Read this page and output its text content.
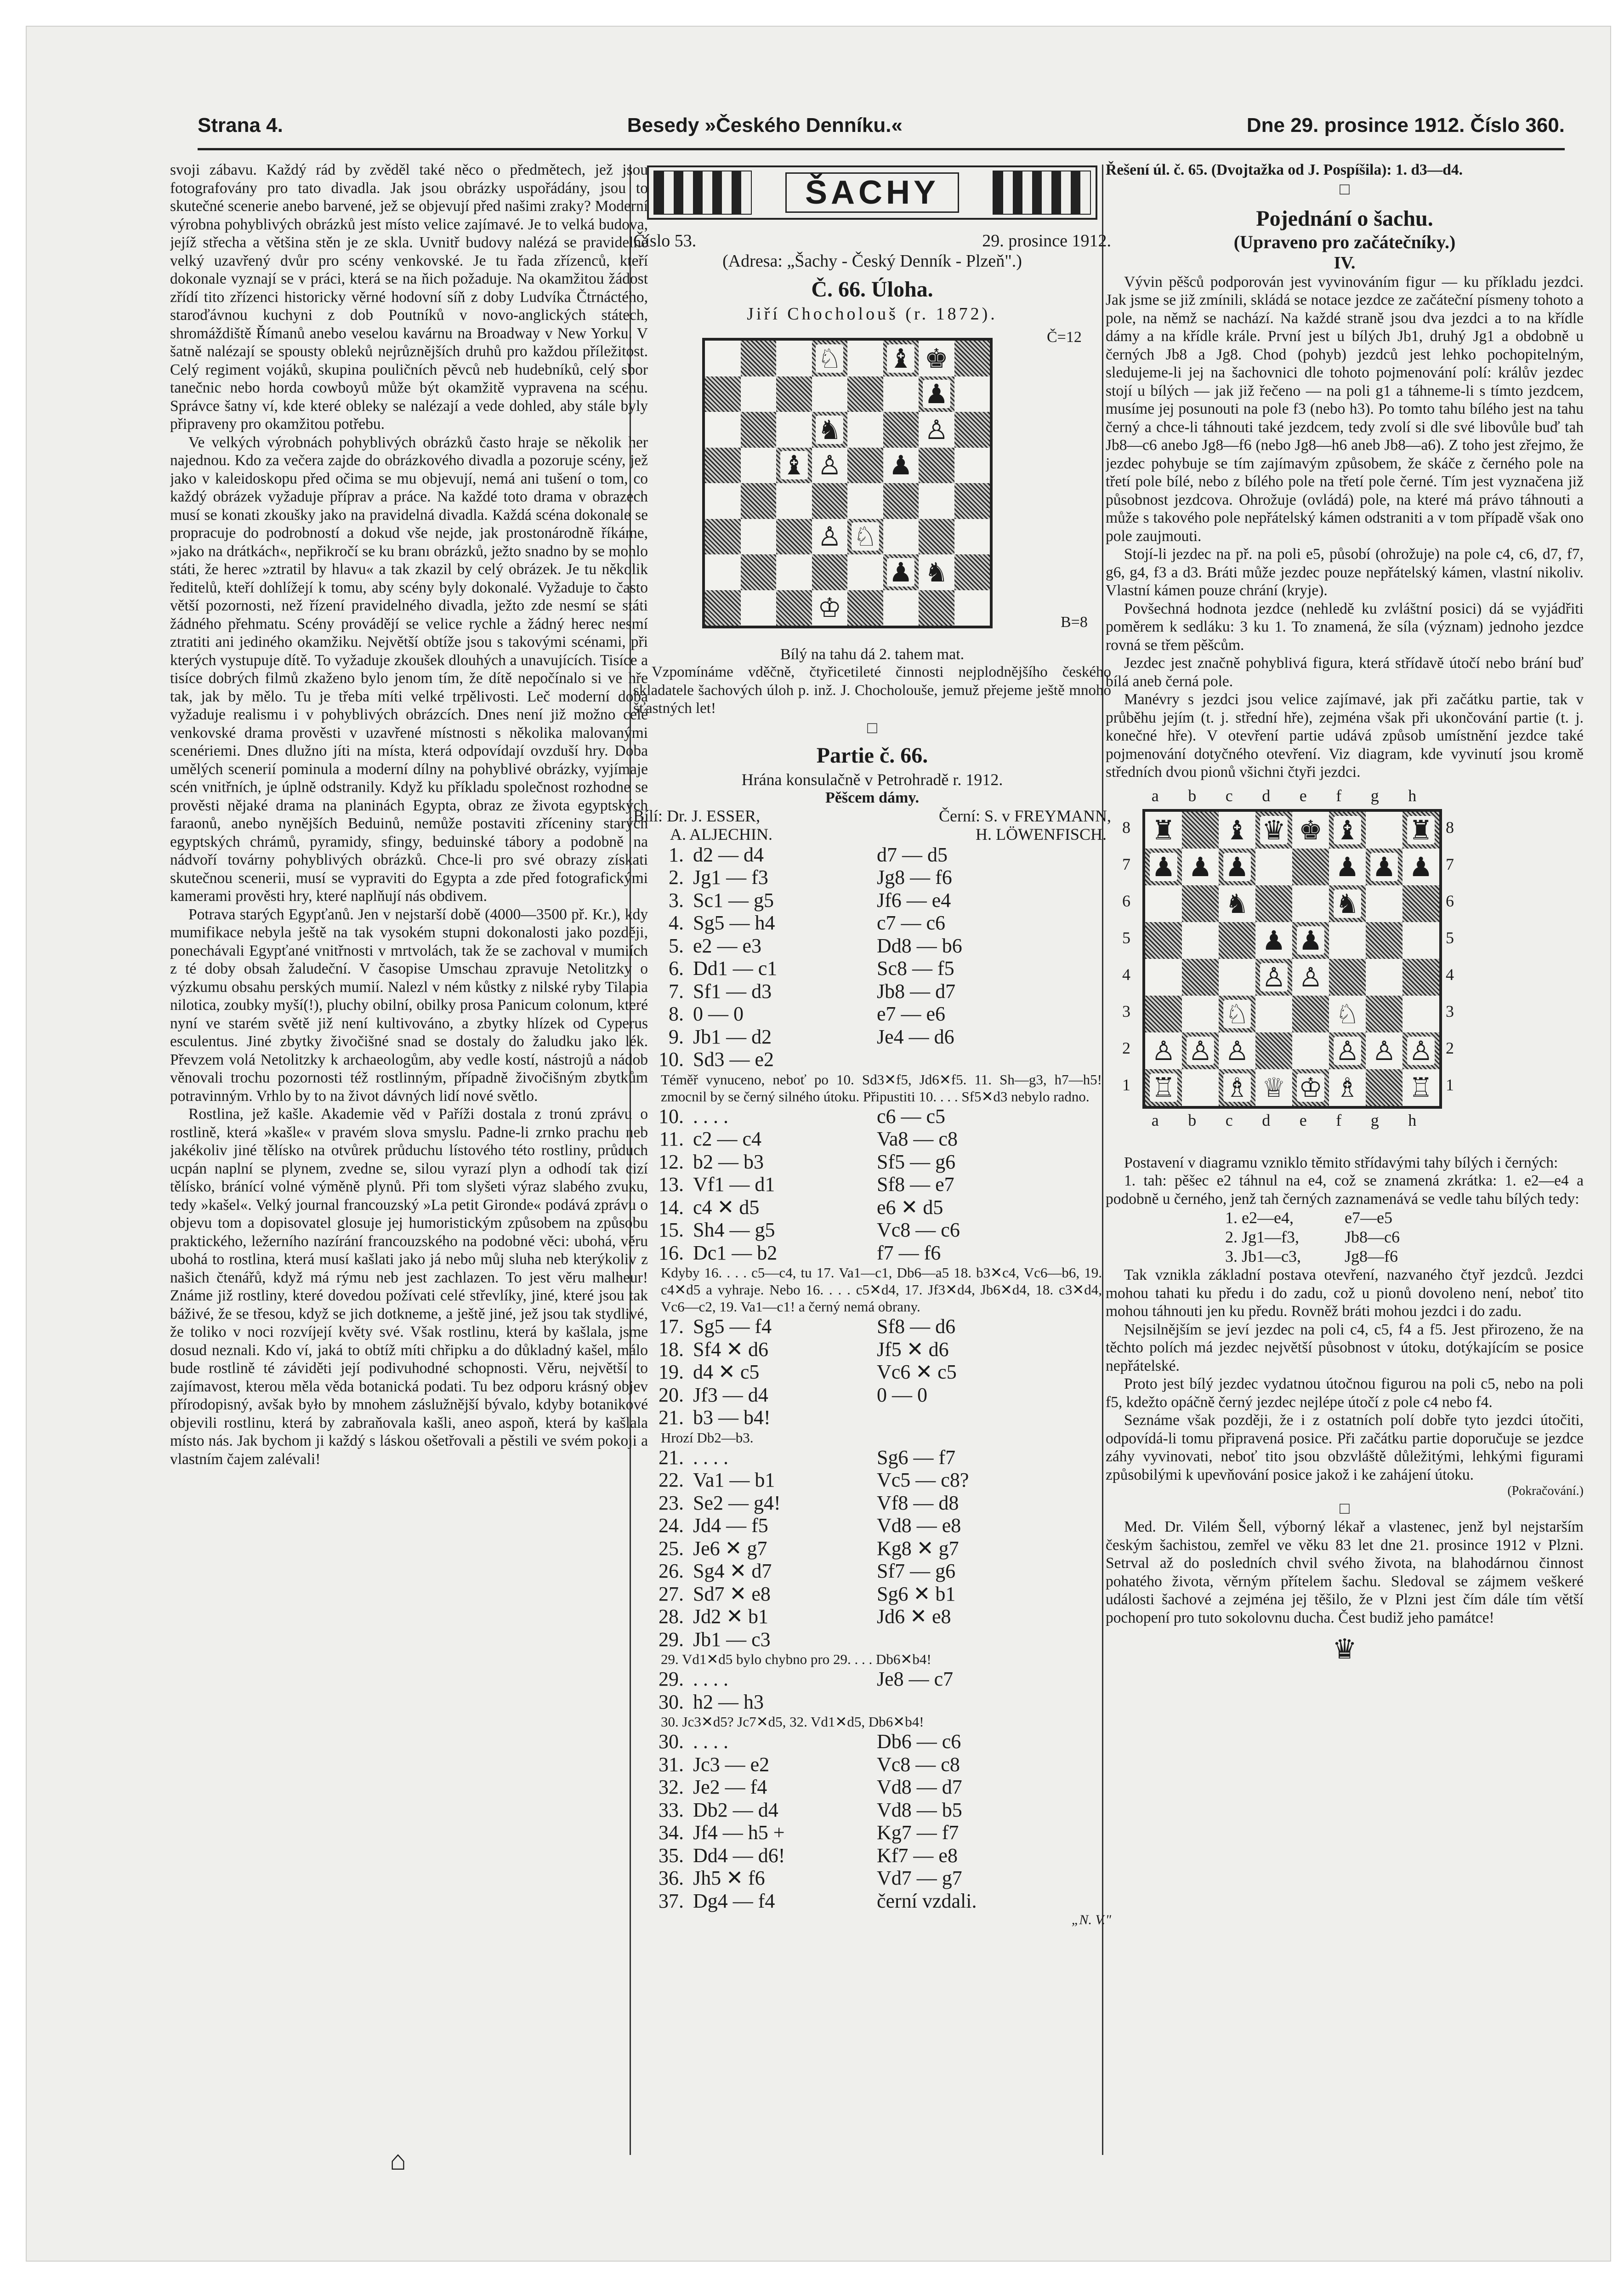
Strana 4.	Besedy »Českého Denníku.«	Dne 29. prosince 1912. Číslo 360.

svoji zábavu. Každý rád by zvěděl také něco o předmětech, jež jsou fotografovány pro tato divadla. Jak jsou obrázky uspořádány, jsou to skutečné scenerie anebo barvené, jež se objevují před našimi zraky? Moderní výrobna pohyblivých obrázků jest místo velice zajímavé. Je to velká budova, jejíž střecha a většina stěn je ze skla. Uvnitř budovy nalézá se pravidelně velký uzavřený dvůr pro scény venkovské. Je tu řada zřízenců, kteří dokonale vyznají se v práci, která se na ňich požaduje. Na okamžitou žádost zřídí tito zřízenci historicky věrné hodovní síň z doby Ludvíka Čtrnáctého, staroďávnou kuchyni z dob Poutníků v novo-anglických státech, shromáždiště Římanů anebo veselou kavárnu na Broadway v New Yorku. V šatně nalézají se spousty obleků nejrůznějších druhů pro každou příležitost. Celý regiment vojáků, skupina pouličních pěvců neb hudebníků, celý sbor tanečnic nebo horda cowboyů může být okamžitě vypravena na scénu. Správce šatny ví, kde které obleky se nalézají a vede dohled, aby stále byly připraveny pro okamžitou potřebu.

Ve velkých výrobnách pohyblivých obrázků často hraje se několik her najednou. Kdo za večera zajde do obrázkového divadla a pozoruje scény, jež jako v kaleidoskopu před očima se mu objevují, nemá ani tušení o tom, co každý obrázek vyžaduje příprav a práce. Na každé toto drama v obrazech musí se konati zkoušky jako na pravidelná divadla. Každá scéna dokonale se propracuje do podrobností a dokud vše nejde, jak prostonárodně říkáme, »jako na drátkách«, nepřikročí se ku branı obrázků, ježto snadno by se mohlo státi, že herec »ztratil by hlavu« a tak zkazil by celý obrázek. Je tu několik ředitelů, kteří dohlížejí k tomu, aby scény byly dokonalé. Vyžaduje to často větší pozornosti, než řízení pravidelného divadla, ježto zde nesmí se státi žádného přehmatu. Scény provádějí se velice rychle a žádný herec nesmí ztratiti ani jediného okamžiku. Největší obtíže jsou s takovými scénami, při kterých vystupuje dítě. To vyžaduje zkoušek dlouhých a unavujících. Tisíce a tisíce dobrých filmů zkaženo bylo jenom tím, že dítě nepočínalo si ve hře tak, jak by mělo. Tu je třeba míti velké trpělivosti. Leč moderní doba vyžaduje realismu i v pohyblivých obrázcích. Dnes není již možno celé venkovské drama prověsti v uzavřené místnosti s několika malovanými scenériemi. Dnes dlužno jíti na místa, která odpovídají ovzduší hry. Doba umělých scenerií pominula a moderní dílny na pohyblivé obrázky, vyjímaje scén vnitřních, je úplně odstranily. Když ku příkladu společnost rozhodne se prověsti nějaké drama na planinách Egypta, obraz ze života egyptských faraonů, anebo nynějších Beduinů, nemůže postaviti zříceniny starých egyptských chrámů, pyramidy, sfingy, beduinské tábory a podobně na nádvoří továrny pohyblivých obrázků. Chce-li pro své obrazy získati skutečnou scenerii, musí se vypraviti do Egypta a zde před fotografickými kamerami prověsti hry, které naplňují nás obdivem.

Potrava starých Egypťanů. Jen v nejstarší době (4000—3500 př. Kr.), kdy mumifikace nebyla ještě na tak vysokém stupni dokonalosti jako později, ponechávali Egypťané vnitřnosti v mrtvolách, tak že se zachoval v mumiích z té doby obsah žaludeční. V časopise Umschau zpravuje Netolitzky o výzkumu obsahu perských mumií. Nalezl v ném kůstky z nilské ryby Tilapia nilotica, zoubky myší(!), pluchy obilní, obilky prosa Panicum colonum, které nyní ve starém světě již není kultivováno, a zbytky hlízek od Cyperus esculentus. Jiné zbytky živočišné snad se dostaly do žaludku jako lék. Převzem volá Netolitzky k archaeologům, aby vedle kostí, nástrojů a nádob věnovali trochu pozornosti též rostlinným, případně živočišným zbytkům potravinným. Vrhlo by to na život dávných lidí nové světlo.

Rostlina, jež kašle. Akademie věd v Paříži dostala z tronú zprávu o rostlině, která »kašle« v pravém slova smyslu. Padne-li zrnko prachu neb jakékoliv jiné tělísko na otvůrek průduchu lístového této rostliny, průduch ucpán naplní se plynem, zvedne se, silou vyrazí plyn a odhodí tak cizí tělísko, bránící volné výměně plynů. Při tom slyšeti výraz slabého zvuku, tedy »kašel«. Velký journal francouzský »La petit Gironde« podává zprávu o objevu tom a dopisovatel glosuje jej humoristickým způsobem na způsobu praktického, ležerního nazírání francouzského na podobné věci: ubohá, věru ubohá to rostlina, která musí kašlati jako já nebo můj sluha neb kterýkoliv z našich čtenářů, když má rýmu neb jest zachlazen. To jest věru malheur! Známe již rostliny, které dovedou požívati celé střevlíky, jiné, které jsou tak báživé, že se třesou, když se jich dotkneme, a ještě jiné, jež jsou tak stydlivé, že tolikо v noci rozvíjejí květy své. Však rostlinu, která by kašlala, jsme dosud neznali. Kdo ví, jaká to obtíž míti chřipku a do důkladný kašel, málo bude rostlině té záviděti její podivuhodné schopnosti. Věru, největší to zajímavost, kterou měla věda botanická podati. Tu bez odporu krásný objev přírodopisný, avšak było by mnohem záslužnější bývalo, kdyby botanikové objevili rostlinu, která by zabraňovala kašli, aneo aspoň, která by kašlala místo nás. Jak bychom ji každý s láskou ošetřovali a pěstili ve svém pokoji a vlastním čajem zalévali!

⌂
ŠACHY
Číslo 53.	29. prosince 1912.
(Adresa: „Šachy - Český Denník - Plzeň".)
Č. 66. Úloha.
Jiří Chocholouš (r. 1872).
♘ ♝ ♚
♟
♞	♙
♝ ♙ ♟
♙ ♘
♟ ♞
♔
Č=12
B=8
Bílý na tahu dá 2. tahem mat.

Vzpomínáme vděčně, čtyřicetileté činnosti nejplodnějšího českého skladatele šachových úloh p. inž. J. Chocholouše, jemuž přejeme ještě mnoho šťastných let!

□
Partie č. 66.
Hrána konsulačně v Petrohradě r. 1912.
Pěšcem dámy.
Bílí: Dr. J. ESSER,
A. ALJECHIN.
Černí: S. v FREYMANN,
H. LÖWENFISCH.
1.	d2 — d4	d7 — d5
2.	Jg1 — f3	Jg8 — f6
3.	Sc1 — g5	Jf6 — e4
4.	Sg5 — h4	c7 — c6
5.	e2 — e3	Dd8 — b6
6.	Dd1 — c1	Sc8 — f5
7.	Sf1 — d3	Jb8 — d7
8.	0 — 0	e7 — e6
9.	Jb1 — d2	Je4 — d6
10.	Sd3 — e2	

Téměř vynuceno, neboť po 10. Sd3✕f5, Jd6✕f5. 11. Sh—g3, h7—h5! zmocnil by se černý silného útoku. Připustiti 10. . . . Sf5✕d3 nebylo radno.

10.	. . . .	c6 — c5
11.	c2 — c4	Va8 — c8
12.	b2 — b3	Sf5 — g6
13.	Vf1 — d1	Sf8 — e7
14.	c4 ✕ d5	e6 ✕ d5
15.	Sh4 — g5	Vc8 — c6
16.	Dc1 — b2	f7 — f6

Kdyby 16. . . . c5—c4, tu 17. Va1—c1, Db6—a5 18. b3✕c4, Vc6—b6, 19. c4✕d5 a vyhraje. Nebo 16. . . . c5✕d4, 17. Jf3✕d4, Jb6✕d4, 18. c3✕d4, Vc6—c2, 19. Va1—c1! a černý nemá obrany.

17.	Sg5 — f4	Sf8 — d6
18.	Sf4 ✕ d6	Jf5 ✕ d6
19.	d4 ✕ c5	Vc6 ✕ c5
20.	Jf3 — d4	0 — 0
21.	b3 — b4!	

Hrozí Db2—b3.

21.	. . . .	Sg6 — f7
22.	Va1 — b1	Vc5 — c8?
23.	Se2 — g4!	Vf8 — d8
24.	Jd4 — f5	Vd8 — e8
25.	Je6 ✕ g7	Kg8 ✕ g7
26.	Sg4 ✕ d7	Sf7 — g6
27.	Sd7 ✕ e8	Sg6 ✕ b1
28.	Jd2 ✕ b1	Jd6 ✕ e8
29.	Jb1 — c3	

29. Vd1✕d5 bylo chybno pro 29. . . . Db6✕b4!

29.	. . . .	Je8 — c7
30.	h2 — h3	

30. Jc3✕d5? Jc7✕d5, 32. Vd1✕d5, Db6✕b4!

30.	. . . .	Db6 — c6
31.	Jc3 — e2	Vc8 — c8
32.	Je2 — f4	Vd8 — d7
33.	Db2 — d4	Vd8 — b5
34.	Jf4 — h5 +	Kg7 — f7
35.	Dd4 — d6!	Kf7 — e8
36.	Jh5 ✕ f6	Vd7 — g7
37.	Dg4 — f4	černí vzdali.
„N. V."

Řešení úl. č. 65. (Dvojtažka od J. Pospíšila): 1. d3—d4.

□
Pojednání o šachu.
(Upraveno pro začátečníky.)
IV.

Vývin pěšců podporován jest vyvinováním figur — ku příkladu jezdci. Jak jsme se již zmínili, skládá se notace jezdce ze začáteční písmeny tohoto a pole, na němž se nachází. Na každé straně jsou dva jezdci a to na křídle dámy a na křídle krále. První jest u bílých Jb1, druhý Jg1 a obdobně u černých Jb8 a Jg8. Chod (pohyb) jezdců jest lehko pochopitelným, sledujeme-li jej na šachovnici dle tohoto pojmenování polí: králův jezdec stojí u bílých — jak již řečeno — na poli g1 a táhneme-li s tímto jezdcem, musíme jej posunouti na pole f3 (nebo h3). Po tomto tahu bílého jest na tahu černý a chce-li táhnouti také jezdcem, tedy zvolí si dle své libovůle buď tah Jb8—c6 anebo Jg8—f6 (nebo Jg8—h6 aneb Jb8—a6). Z toho jest zřejmo, že jezdec pohybuje se tím zajímavým způsobem, že skáče z černého pole na třetí pole bílé, nebo z bílého pole na třetí pole černé. Tím jest vyznačena již působnost jezdcova. Ohrožuje (ovládá) pole, na které má právo táhnouti a může s takového pole nepřátelský kámen odstraniti a v tom případě však ono pole zaujmouti.

Stojí-li jezdec na př. na poli e5, působí (ohrožuje) na pole c4, c6, d7, f7, g6, g4, f3 a d3. Bráti může jezdec pouze nepřátelský kámen, vlastní nikoliv. Vlastní kámen pouze chrání (kryje).

Povšechná hodnota jezdce (nehledě ku zvláštní posici) dá se vyjádřiti poměrem k sedláku: 3 ku 1. To znamená, že síla (význam) jednoho jezdce rovná se třem pěšcům.

Jezdec jest značně pohyblivá figura, která střídavě útočí nebo brání buď bílá aneb černá pole.

Manévry s jezdci jsou velice zajímavé, jak při začátku partie, tak v průběhu jejím (t. j. střední hře), zejména však při ukončování partie (t. j. konečné hře). V otevření partie udává způsob umístnění jezdce také pojmenování dotyčného otevření. Viz diagram, kde vyvinutí jsou kromě středních dvou pionů všichni čtyři jezdci.

a b c d e f g h
8
7
6
5
4
3
2
1
♜ ♝ ♛ ♚ ♝ ♜
♟ ♟ ♟	♟ ♟ ♟
♞	♞
♟ ♟
♙ ♙
♘	♘
♙ ♙ ♙	♙ ♙ ♙
♖ ♗ ♕ ♔ ♗ ♖
8
7
6
5
4
3
2
1
a b c d e f g h

Postavení v diagramu vzniklo těmito střídavými tahy bílých i černých:

1. tah: pěšec e2 táhnul na e4, což se znamená zkrátka: 1. e2—e4 a podobně u černého, jenž tah černých zaznamenává se vedle tahu bílých tedy:

1. e2—e4,	e7—e5
2. Jg1—f3,	Jb8—c6
3. Jb1—c3,	Jg8—f6

Tak vznikla základní postava otevření, nazvaného čtyř jezdců. Jezdci mohou tahati ku předu i do zadu, což u pionů dovoleno není, neboť tito mohou táhnouti jen ku předu. Rovněž bráti mohou jezdci i do zadu.

Nejsilnějším se jeví jezdec na poli c4, c5, f4 a f5. Jest přirozeno, že na těchto polích má jezdec největší působnost v útoku, dotýkajícím se posice nepřátelské.

Proto jest bílý jezdec vydatnou útočnou figurou na poli c5, nebo na poli f5, kdežto opáčně černý jezdec nejlépe útočí z pole c4 nebo f4.

Seznáme však později, že i z ostatních polí dobře tyto jezdci útočiti, odpovídá-li tomu připravená posice. Při začátku partie doporučuje se jezdce záhy vyvinovati, neboť tito jsou obzvláště důležitými, lehkými figurami způsobilými k upevňování posice jakož i ke zahájení útoku.

(Pokračování.)
□

Med. Dr. Vilém Šell, výborný lékař a vlastenec, jenž byl nejstarším českým šachistou, zemřel ve věku 83 let dne 21. prosince 1912 v Plzni. Setrval až do posledních chvil svého života, na blahodárnou činnost pohatého života, věrným přítelem šachu. Sledoval se zájmem veškeré události šachové a zejména jej těšilo, že v Plzni jest čím dále tím větší pochopení pro tuto sokolovnu ducha. Čest budiž jeho památce!

♛
